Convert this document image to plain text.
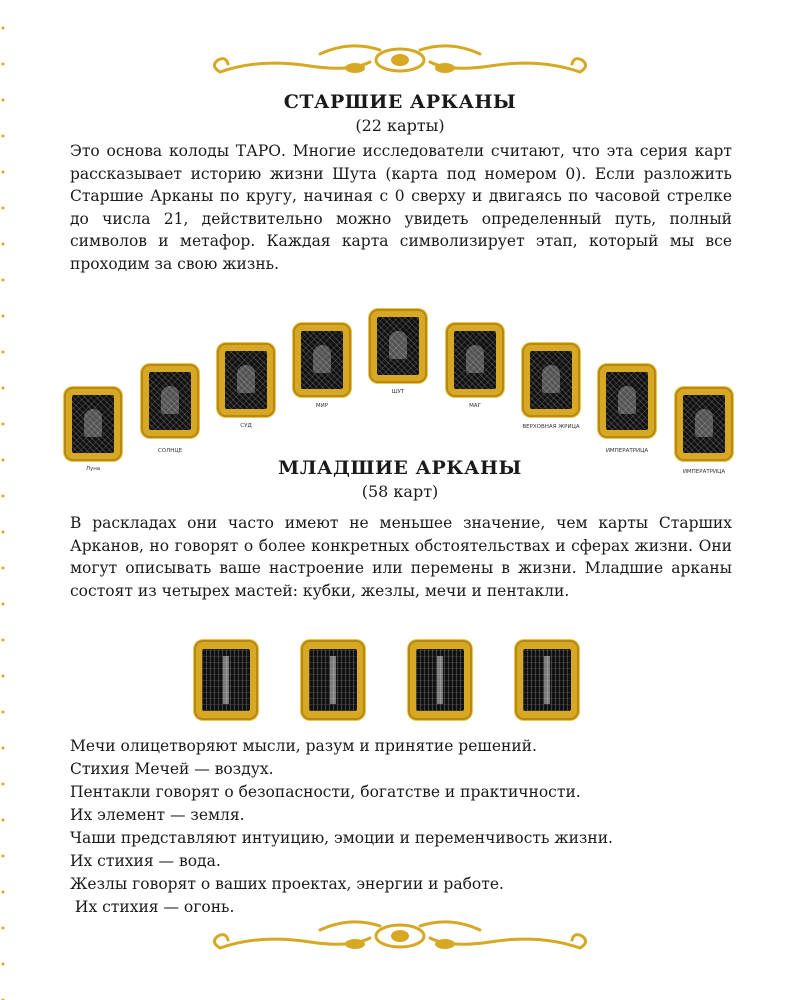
СТАРШИЕ АРКАНЫ

(22 карты)

Это основа колоды ТАРО. Многие исследователи считают, что эта серия карт рассказывает историю жизни Шута (карта под номером 0). Если разложить Старшие Арканы по кругу, начиная с 0 сверху и двигаясь по часовой стрелке до числа 21, действительно можно увидеть определенный путь, полный символов и метафор. Каждая карта символизирует этап, который мы все проходим за свою жизнь.

Луна
СОЛНЦЕ
СУД
МИР
ШУТ
МАГ
ВЕРХОВНАЯ ЖРИЦА
ИМПЕРАТРИЦА
ИМПЕРАТРИЦА
МЛАДШИЕ АРКАНЫ

(58 карт)

В раскладах они часто имеют не меньшее значение, чем карты Старших Арканов, но говорят о более конкретных обстоятельствах и сферах жизни. Они могут описывать ваше настроение или перемены в жизни. Младшие арканы состоят из четырех мастей: кубки, жезлы, мечи и пентакли.

Мечи олицетворяют мысли, разум и принятие решений.
Стихия Мечей — воздух.
Пентакли говорят о безопасности, богатстве и практичности.
Их элемент — земля.
Чаши представляют интуицию, эмоции и переменчивость жизни.
Их стихия — вода.
Жезлы говорят о ваших проектах, энергии и работе.
Их стихия — огонь.
